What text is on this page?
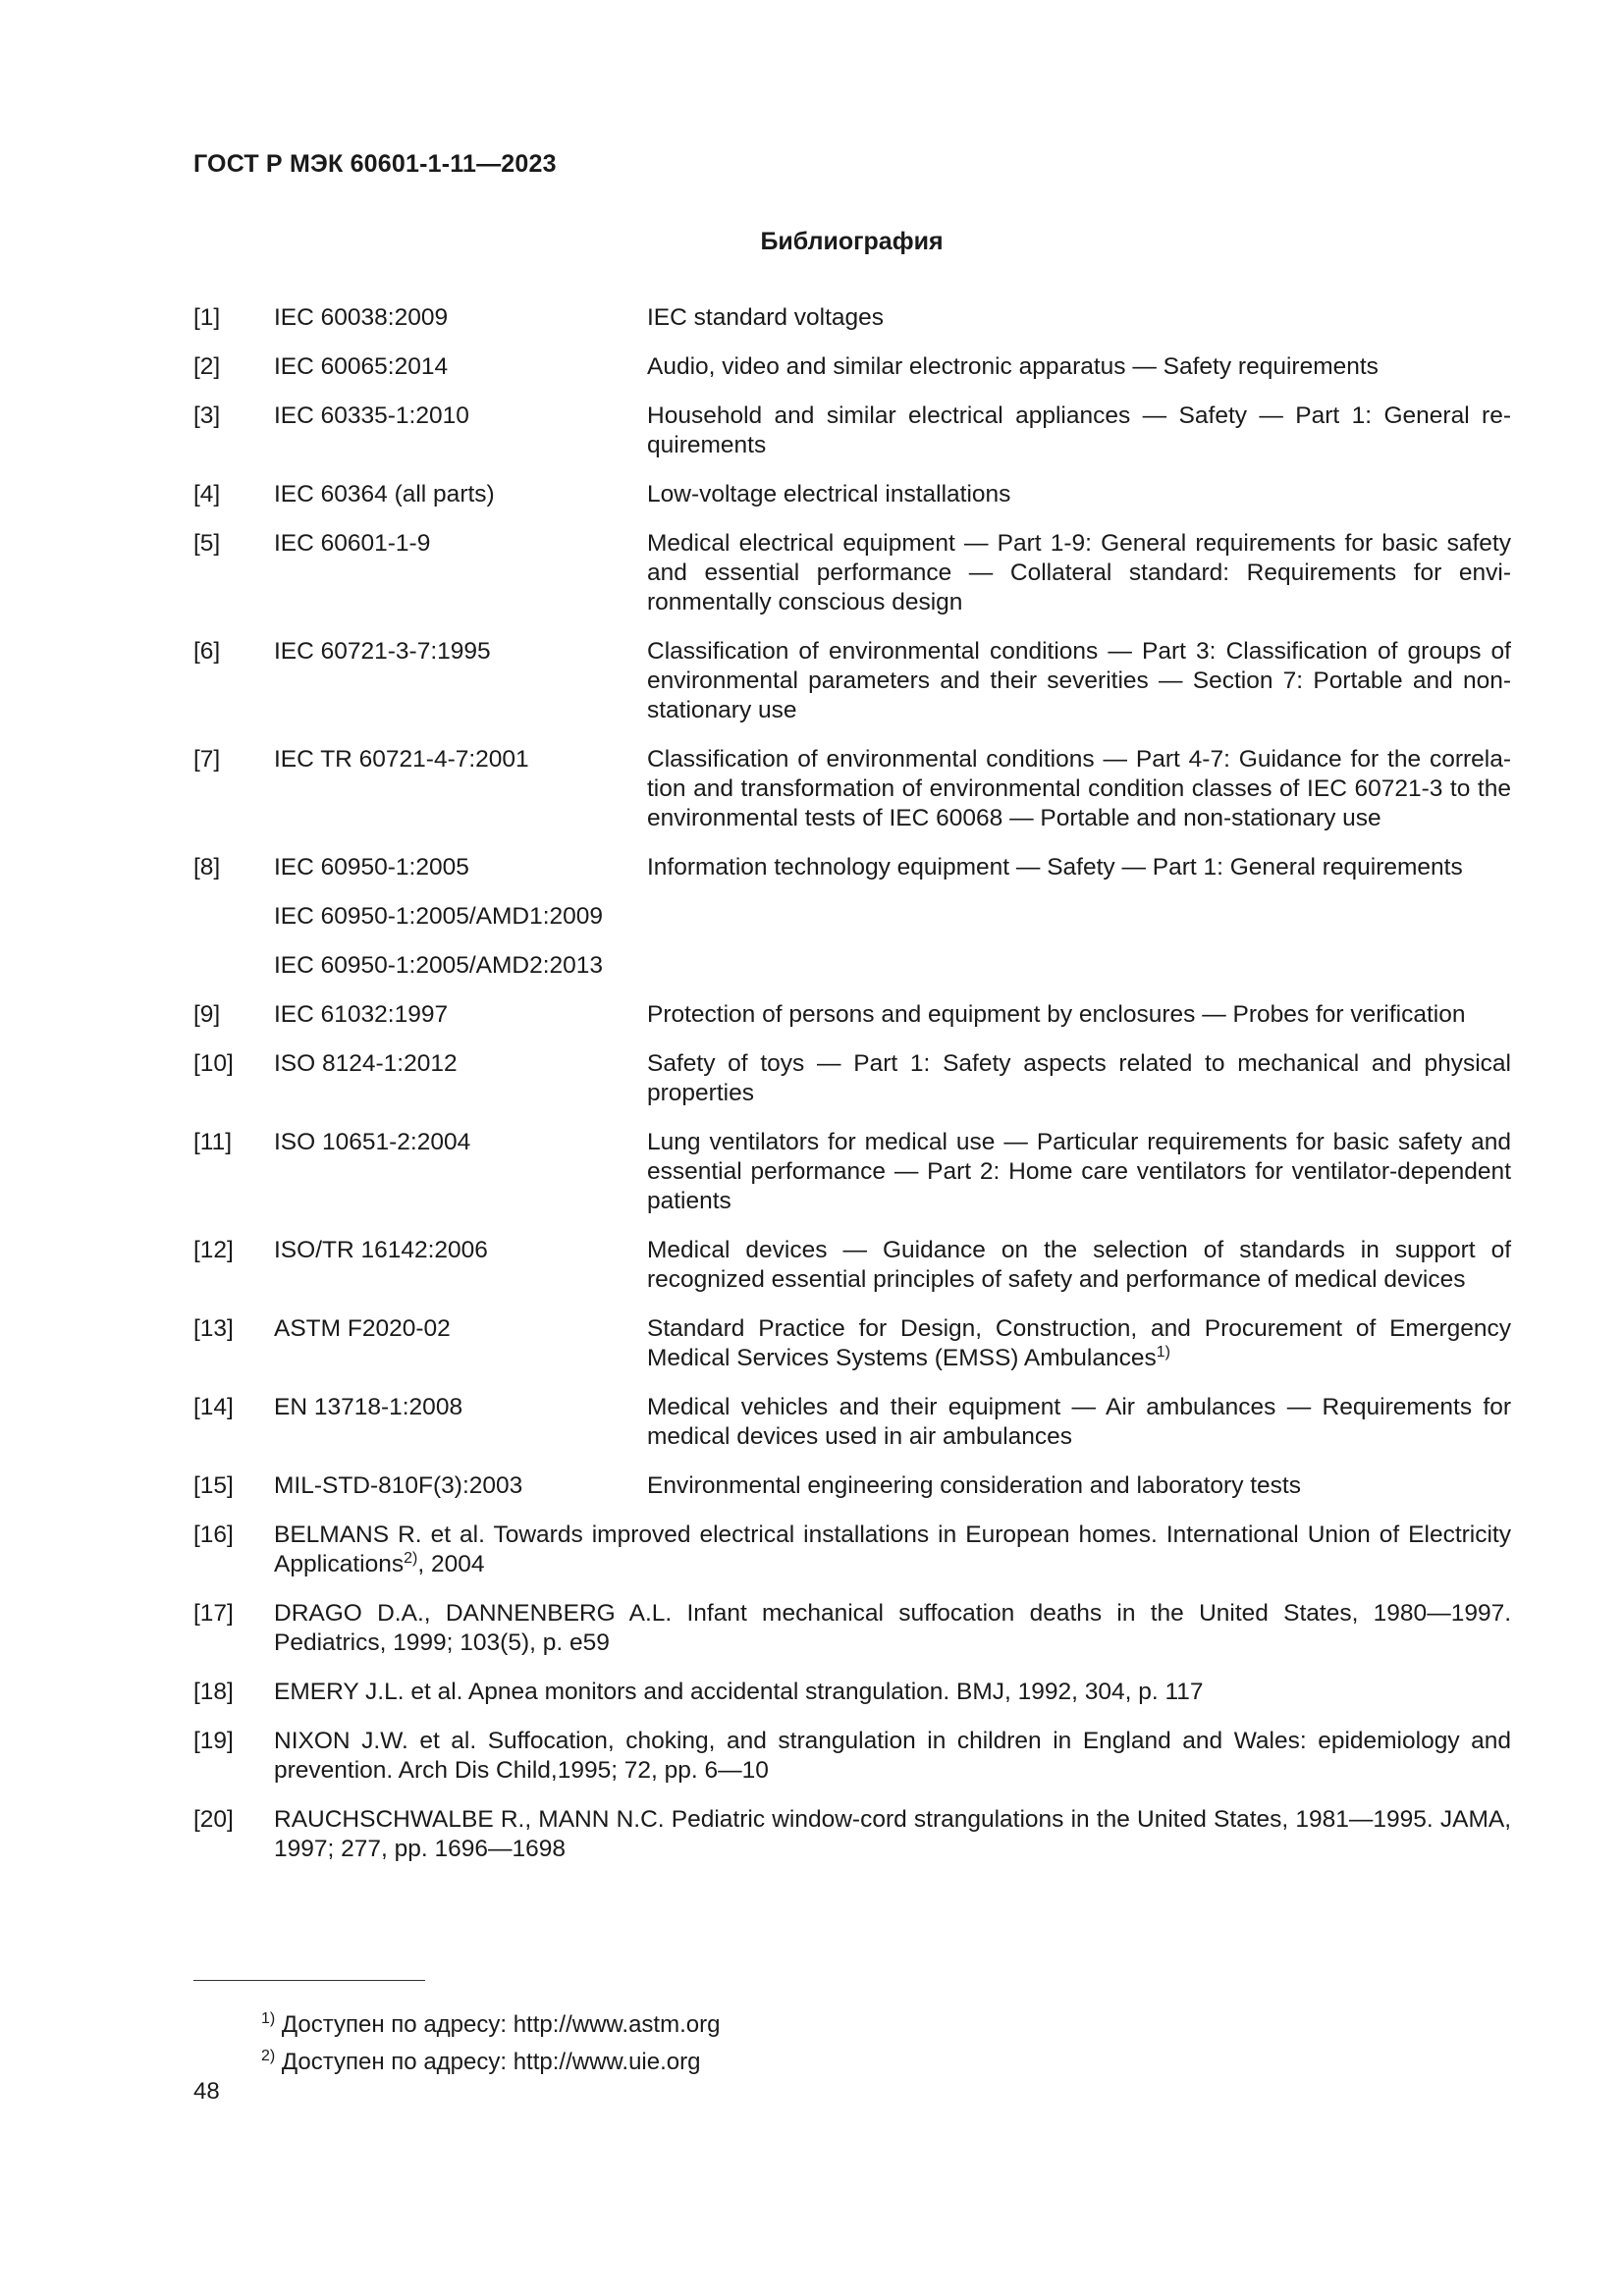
ГОСТ Р МЭК 60601-1-11—2023
Библиография
[1] IEC 60038:2009	IEC standard voltages
[2] IEC 60065:2014	Audio, video and similar electronic apparatus — Safety requirements
[3] IEC 60335-1:2010	Household and similar electrical appliances — Safety — Part 1: General re-quirements
[4] IEC 60364 (all parts)	Low-voltage electrical installations
[5] IEC 60601-1-9	Medical electrical equipment — Part 1-9: General requirements for basic safety and essential performance — Collateral standard: Requirements for envi-ronmentally conscious design
[6] IEC 60721-3-7:1995	Classification of environmental conditions — Part 3: Classification of groups of environmental parameters and their severities — Section 7: Portable and non-stationary use
[7] IEC TR 60721-4-7:2001	Classification of environmental conditions — Part 4-7: Guidance for the correla-tion and transformation of environmental condition classes of IEC 60721-3 to the environmental tests of IEC 60068 — Portable and non-stationary use
[8] IEC 60950-1:2005	Information technology equipment — Safety — Part 1: General requirements
IEC 60950-1:2005/AMD1:2009
IEC 60950-1:2005/AMD2:2013
[9] IEC 61032:1997	Protection of persons and equipment by enclosures — Probes for verification
[10] ISO 8124-1:2012	Safety of toys — Part 1: Safety aspects related to mechanical and physical properties
[11] ISO 10651-2:2004	Lung ventilators for medical use — Particular requirements for basic safety and essential performance — Part 2: Home care ventilators for ventilator-dependent patients
[12] ISO/TR 16142:2006	Medical devices — Guidance on the selection of standards in support of recognized essential principles of safety and performance of medical devices
[13] ASTM F2020-02	Standard Practice for Design, Construction, and Procurement of Emergency Medical Services Systems (EMSS) Ambulances$^{1)}$
[14] EN 13718-1:2008	Medical vehicles and their equipment — Air ambulances — Requirements for medical devices used in air ambulances
[15] MIL-STD-810F(3):2003	Environmental engineering consideration and laboratory tests
[16] BELMANS R. et al. Towards improved electrical installations in European homes. International Union of Electricity Applications$^{2)}$, 2004
[17] DRAGO D.A., DANNENBERG A.L. Infant mechanical suffocation deaths in the United States, 1980—1997. Pediatrics, 1999; 103(5), p. e59
[18] EMERY J.L. et al. Apnea monitors and accidental strangulation. BMJ, 1992, 304, p. 117
[19] NIXON J.W. et al. Suffocation, choking, and strangulation in children in England and Wales: epidemiology and prevention. Arch Dis Child,1995; 72, pp. 6—10
[20] RAUCHSCHWALBE R., MANN N.C. Pediatric window-cord strangulations in the United States, 1981—1995. JAMA, 1997; 277, pp. 1696—1698
$^{1)}$ Доступен по адресу: http://www.astm.org
$^{2)}$ Доступен по адресу: http://www.uie.org
48
